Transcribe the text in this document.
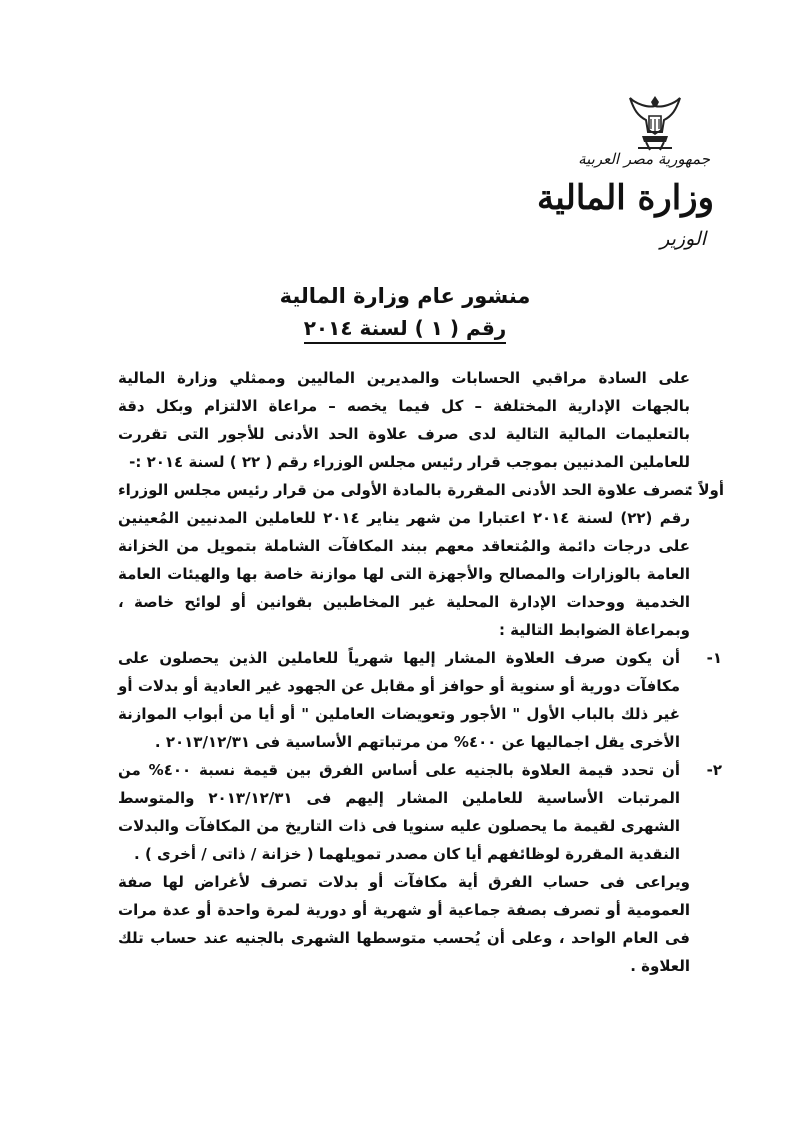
جمهورية مصر العربية
وزارة المالية
الوزير
منشور عام وزارة المالية
رقم ( ١ ) لسنة ٢٠١٤

على السادة مراقبي الحسابات والمديرين الماليين وممثلي وزارة المالية بالجهات الإدارية المختلفة – كل فيما يخصه – مراعاة الالتزام وبكل دقة بالتعليمات المالية التالية لدى صرف علاوة الحد الأدنى للأجور التى تقررت للعاملين المدنيين بموجب قرار رئيس مجلس الوزراء رقم ( ٢٢ ) لسنة ٢٠١٤ :-

أولاً :

تصرف علاوة الحد الأدنى المقررة بالمادة الأولى من قرار رئيس مجلس الوزراء رقم (٢٢) لسنة ٢٠١٤ اعتبارا من شهر يناير ٢٠١٤ للعاملين المدنيين المُعينين على درجات دائمة والمُتعاقد معهم ببند المكافآت الشاملة بتمويل من الخزانة العامة بالوزارات والمصالح والأجهزة التى لها موازنة خاصة بها والهيئات العامة الخدمية ووحدات الإدارة المحلية غير المخاطبين بقوانين أو لوائح خاصة ، وبمراعاة الضوابط التالية :

١-

أن يكون صرف العلاوة المشار إليها شهرياً للعاملين الذين يحصلون على مكافآت دورية أو سنوية أو حوافز أو مقابل عن الجهود غير العادية أو بدلات أو غير ذلك بالباب الأول " الأجور وتعويضات العاملين " أو أيا من أبواب الموازنة الأخرى يقل اجماليها عن ٤٠٠% من مرتباتهم الأساسية فى ٢٠١٣/١٢/٣١ .

٢-

أن تحدد قيمة العلاوة بالجنيه على أساس الفرق بين قيمة نسبة ٤٠٠% من المرتبات الأساسية للعاملين المشار إليهم فى ٢٠١٣/١٢/٣١ والمتوسط الشهرى لقيمة ما يحصلون عليه سنويا فى ذات التاريخ من المكافآت والبدلات النقدية المقررة لوظائفهم أيا كان مصدر تمويلهما ( خزانة / ذاتى / أخرى ) .

ويراعى فى حساب الفرق أية مكافآت أو بدلات تصرف لأغراض لها صفة العمومية أو تصرف بصفة جماعية أو شهرية أو دورية لمرة واحدة أو عدة مرات فى العام الواحد ، وعلى أن يُحسب متوسطها الشهرى بالجنيه عند حساب تلك العلاوة .
